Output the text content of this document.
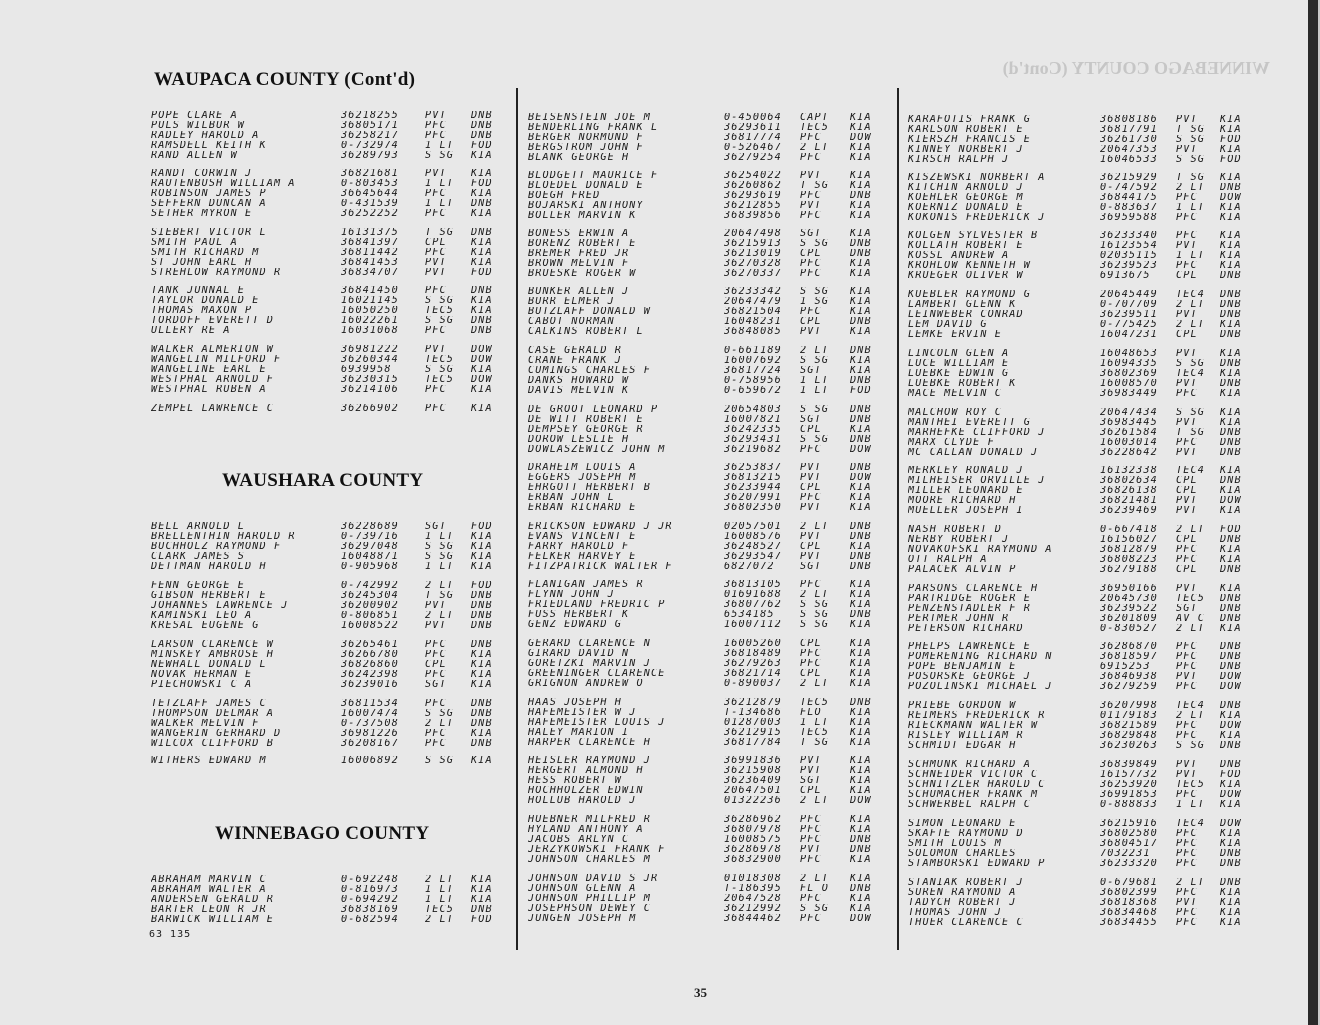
WINNEBAGO COUNTY (Cont'd)
WAUPACA COUNTY (Cont'd)
WAUSHARA COUNTY
WINNEBAGO COUNTY
POPE CLARE A	36218255	PVT	DNB
PULS WILBUR W	36805171	PFC	DNB
RADLEY HAROLD A	36258217	PFC	DNB
RAMSDELL KEITH K	0-732974	1 LT	FOD
RAND ALLEN W	36289793	S SG	KIA
RANDT CORWIN J	36821681	PVT	KIA
RAUTENBUSH WILLIAM A	0-803453	1 LT	FOD
ROBINSON JAMES P	36645644	PFC	KIA
SEFFERN DUNCAN A	0-431539	1 LT	DNB
SETHER MYRON E	36252252	PFC	KIA
SIEBERT VICTOR L	16131375	T SG	DNB
SMITH PAUL A	36841397	CPL	KIA
SMITH RICHARD M	36811442	PFC	KIA
ST JOHN EARL H	36841453	PVT	KIA
STREHLOW RAYMOND R	36834707	PVT	FOD
TANK JUNNAL E	36841450	PFC	DNB
TAYLOR DONALD E	16021145	S SG	KIA
THOMAS MAXON P	16050250	TEC5	KIA
TORDOFF EVERETT D	16022261	S SG	DNB
ULLERY RE A	16031068	PFC	DNB
WALKER ALMERION W	36981222	PVT	DOW
WANGELIN MILFORD F	36260344	TEC5	DOW
WANGELINE EARL E	6939958	S SG	KIA
WESTPHAL ARNOLD F	36230315	TEC5	DOW
WESTPHAL RUBEN A	36214106	PFC	KIA
ZEMPEL LAWRENCE C	36266902	PFC	KIA
BELL ARNOLD L	36228689	SGT	FOD
BRELLENTHIN HAROLD R	0-739716	1 LT	KIA
BUCHHOLZ RAYMOND F	36297048	S SG	KIA
CLARK JAMES S	16048871	S SG	KIA
DETTMAN HAROLD H	0-905968	1 LT	KIA
FENN GEORGE E	0-742992	2 LT	FOD
GIBSON HERBERT E	36245304	T SG	DNB
JOHANNES LAWRENCE J	36200902	PVT	DNB
KAMINSKI LEO A	0-806851	2 LT	DNB
KRESAL EUGENE G	16008522	PVT	DNB
LARSON CLARENCE W	36265461	PFC	DNB
MINSKEY AMBROSE H	36266780	PFC	KIA
NEWHALL DONALD L	36826860	CPL	KIA
NOVAK HERMAN E	36242398	PFC	KIA
PIECHOWSKI C A	36239016	SGT	KIA
TETZLAFF JAMES C	36811534	PFC	DNB
THOMPSON DELMAR A	16007474	S SG	DNB
WALKER MELVIN F	0-737508	2 LT	DNB
WANGERIN GERHARD D	36981226	PFC	KIA
WILCOX CLIFFORD B	36208167	PFC	DNB
WITHERS EDWARD M	16006892	S SG	KIA
ABRAHAM MARVIN C	0-692248	2 LT	KIA
ABRAHAM WALTER A	0-816973	1 LT	KIA
ANDERSEN GERALD R	0-694292	1 LT	KIA
BARTER LEON R JR	36838169	TEC5	DNB
BARWICK WILLIAM E	0-682594	2 LT	FOD
BEISENSTEIN JOE M	0-450064	CAPT	KIA
BENDERLING FRANK L	36293611	TEC5	KIA
BERGER NORMUND F	36817774	PFC	DOW
BERGSTROM JOHN F	0-526467	2 LT	KIA
BLANK GEORGE H	36279254	PFC	KIA
BLODGETT MAURICE F	36254022	PVT	KIA
BLOEDEL DONALD E	36260862	T SG	KIA
BOEGH FRED	36293619	PFC	DNB
BOJARSKI ANTHONY	36212855	PVT	KIA
BOLLER MARVIN K	36839856	PFC	KIA
BONESS ERWIN A	20647498	SGT	KIA
BORENZ ROBERT E	36215913	S SG	DNB
BREMER FRED JR	36213019	CPL	DNB
BROWN MELVIN F	36270328	PFC	KIA
BRUESKE ROGER W	36270337	PFC	KIA
BUNKER ALLEN J	36233342	S SG	KIA
BURR ELMER J	20647479	1 SG	KIA
BUTZLAFF DONALD W	36821504	PFC	KIA
CABOT NORMAN	16048231	CPL	DNB
CALKINS ROBERT L	36848085	PVT	KIA
CASE GERALD R	0-661189	2 LT	DNB
CRANE FRANK J	16007692	S SG	KIA
CUMINGS CHARLES F	36817724	SGT	KIA
DANKS HOWARD W	0-758956	1 LT	DNB
DAVIS MELVIN K	0-659672	1 LT	FOD
DE GROOT LEONARD P	20654803	S SG	DNB
DE WITT ROBERT E	16007821	SGT	DNB
DEMPSEY GEORGE R	36242335	CPL	KIA
DOROW LESLIE H	36293431	S SG	DNB
DOWLASZEWICZ JOHN M	36219682	PFC	DOW
DRAHEIM LOUIS A	36253837	PVT	DNB
EGGERS JOSEPH M	36813215	PVT	DOW
EHRGOTT HERBERT B	36233944	CPL	KIA
ERBAN JOHN L	36207991	PFC	KIA
ERBAN RICHARD E	36802350	PVT	KIA
ERICKSON EDWARD J JR	02057501	2 LT	DNB
EVANS VINCENT E	16008576	PVT	DNB
FARRY HAROLD F	36248527	CPL	KIA
FELKER HARVEY E	36293547	PVT	DNB
FITZPATRICK WALTER F	6827072	SGT	DNB
FLANIGAN JAMES R	36813105	PFC	KIA
FLYNN JOHN J	01691688	2 LT	KIA
FRIEDLAND FREDRIC P	36807762	S SG	KIA
FUSS HERBERT K	6534185	S SG	DNB
GENZ EDWARD G	16007112	S SG	KIA
GERARD CLARENCE N	16005260	CPL	KIA
GIRARD DAVID N	36818489	PFC	KIA
GORETZKI MARVIN J	36279263	PFC	KIA
GREENINGER CLARENCE	36821714	CPL	KIA
GRIGNON ANDREW O	0-890037	2 LT	KIA
HAAS JOSEPH H	36212879	TEC5	DNB
HAFEMEISTER W J	T-134686	FLO	KIA
HAFEMEISTER LOUIS J	01287003	1 LT	KIA
HALEY MARION I	36212915	TEC5	KIA
HARPER CLARENCE H	36817784	T SG	KIA
HEISLER RAYMOND J	36991836	PVT	KIA
HERGERT ALMOND H	36215908	PVT	KIA
HESS ROBERT W	36236409	SGT	KIA
HOCHHOLZER EDWIN	20647501	CPL	KIA
HOLLUB HAROLD J	01322236	2 LT	DOW
HUEBNER MILFRED R	36286962	PFC	KIA
HYLAND ANTHONY A	36807978	PFC	KIA
JACOBS ARLYN C	16008575	PFC	DNB
JERZYKOWSKI FRANK F	36286978	PVT	DNB
JOHNSON CHARLES M	36832900	PFC	KIA
JOHNSON DAVID S JR	01018308	2 LT	KIA
JOHNSON GLENN A	T-186395	FL O	DNB
JOHNSON PHILLIP M	20647528	PFC	KIA
JOSEPHSON DEWEY C	36212992	S SG	KIA
JUNGEN JOSEPH M	36844462	PFC	DOW
KARAFOTIS FRANK G	36808186	PVT	KIA
KARLSON ROBERT E	36817791	T SG	KIA
KIERSZH FRANCIS E	36261730	S SG	FOD
KINNEY NORBERT J	20647353	PVT	KIA
KIRSCH RALPH J	16046533	S SG	FOD
KISZEWSKI NORBERT A	36215929	T SG	KIA
KITCHIN ARNOLD J	0-747592	2 LT	DNB
KOEHLER GEORGE M	36844175	PFC	DOW
KOERNIZ DONALD E	0-883637	1 LT	KIA
KOKONIS FREDERICK J	36959588	PFC	KIA
KOLGEN SYLVESTER B	36233340	PFC	KIA
KOLLATH ROBERT E	16123554	PVT	KIA
KOSSL ANDREW A	02035115	1 LT	KIA
KROHLOW KENNETH W	36239523	PFC	KIA
KRUEGER OLIVER W	6913675	CPL	DNB
KUEBLER RAYMOND G	20645449	TEC4	DNB
LAMBERT GLENN K	0-707709	2 LT	DNB
LEINWEBER CONRAD	36239511	PVT	DNB
LEM DAVID G	0-775425	2 LT	KIA
LEMKE ERVIN E	16047231	CPL	DNB
LINCOLN GLEN A	16048653	PVT	KIA
LUCE WILLIAM E	16094335	S SG	DNB
LUEBKE EDWIN G	36802369	TEC4	KIA
LUEBKE ROBERT K	16008570	PVT	DNB
MACE MELVIN C	36983449	PFC	KIA
MALCHOW ROY C	20647434	S SG	KIA
MANTHEI EVERETT G	36983445	PVT	KIA
MARHEFKE CLIFFORD J	36261584	T SG	DNB
MARX CLYDE F	16003014	PFC	DNB
MC CALLAN DONALD J	36228642	PVT	DNB
MERKLEY RONALD J	16132338	TEC4	KIA
MILHEISER ORVILLE J	36802634	CPL	DNB
MILLER LEONARD E	36826138	CPL	KIA
MOORE RICHARD H	36821481	PVT	DOW
MUELLER JOSEPH I	36239469	PVT	KIA
NASH ROBERT D	0-667418	2 LT	FOD
NERBY ROBERT J	16156027	CPL	DNB
NOVAKOFSKI RAYMOND A	36812879	PFC	KIA
OTT RALPH A	36808223	PFC	KIA
PALACEK ALVIN P	36279188	CPL	DNB
PARSONS CLARENCE H	36950166	PVT	KIA
PARTRIDGE ROGER E	20645730	TEC5	DNB
PENZENSTADLER F R	36239522	SGT	DNB
PERTMER JOHN R	36201809	AV C	DNB
PETERSON RICHARD	0-830527	2 LT	KIA
PHELPS LAWRENCE E	36286870	PFC	DNB
POMERENING RICHARD N	36818597	PFC	DNB
POPE BENJAMIN E	6915253	PFC	DNB
POSORSKE GEORGE J	36846938	PVT	DOW
POZOLINSKI MICHAEL J	36279259	PFC	DOW
PRIEBE GORDON W	36207998	TEC4	DNB
REIMERS FREDERICK R	01179183	2 LT	KIA
RIECKMANN WALTER W	36821589	PFC	DOW
RISLEY WILLIAM R	36829848	PFC	KIA
SCHMIDT EDGAR H	36230263	S SG	DNB
SCHMUNK RICHARD A	36839849	PVT	DNB
SCHNEIDER VICTOR C	16157732	PVT	FOD
SCHNITZLER HAROLD C	36253920	TEC5	KIA
SCHUMACHER FRANK M	36991853	PFC	DOW
SCHWERBEL RALPH C	0-888833	1 LT	KIA
SIMON LEONARD E	36215916	TEC4	DOW
SKAFTE RAYMOND D	36802580	PFC	KIA
SMITH LOUIS M	36804517	PFC	KIA
SOLOMON CHARLES	7032231	PFC	DNB
STAMBORSKI EDWARD P	36233320	PFC	DNB
STANIAK ROBERT J	0-679681	2 LT	DNB
SUREN RAYMOND A	36802399	PFC	KIA
TADYCH ROBERT J	36818368	PVT	KIA
THOMAS JOHN J	36834468	PFC	KIA
THUER CLARENCE C	36834455	PFC	KIA
63 135
35
